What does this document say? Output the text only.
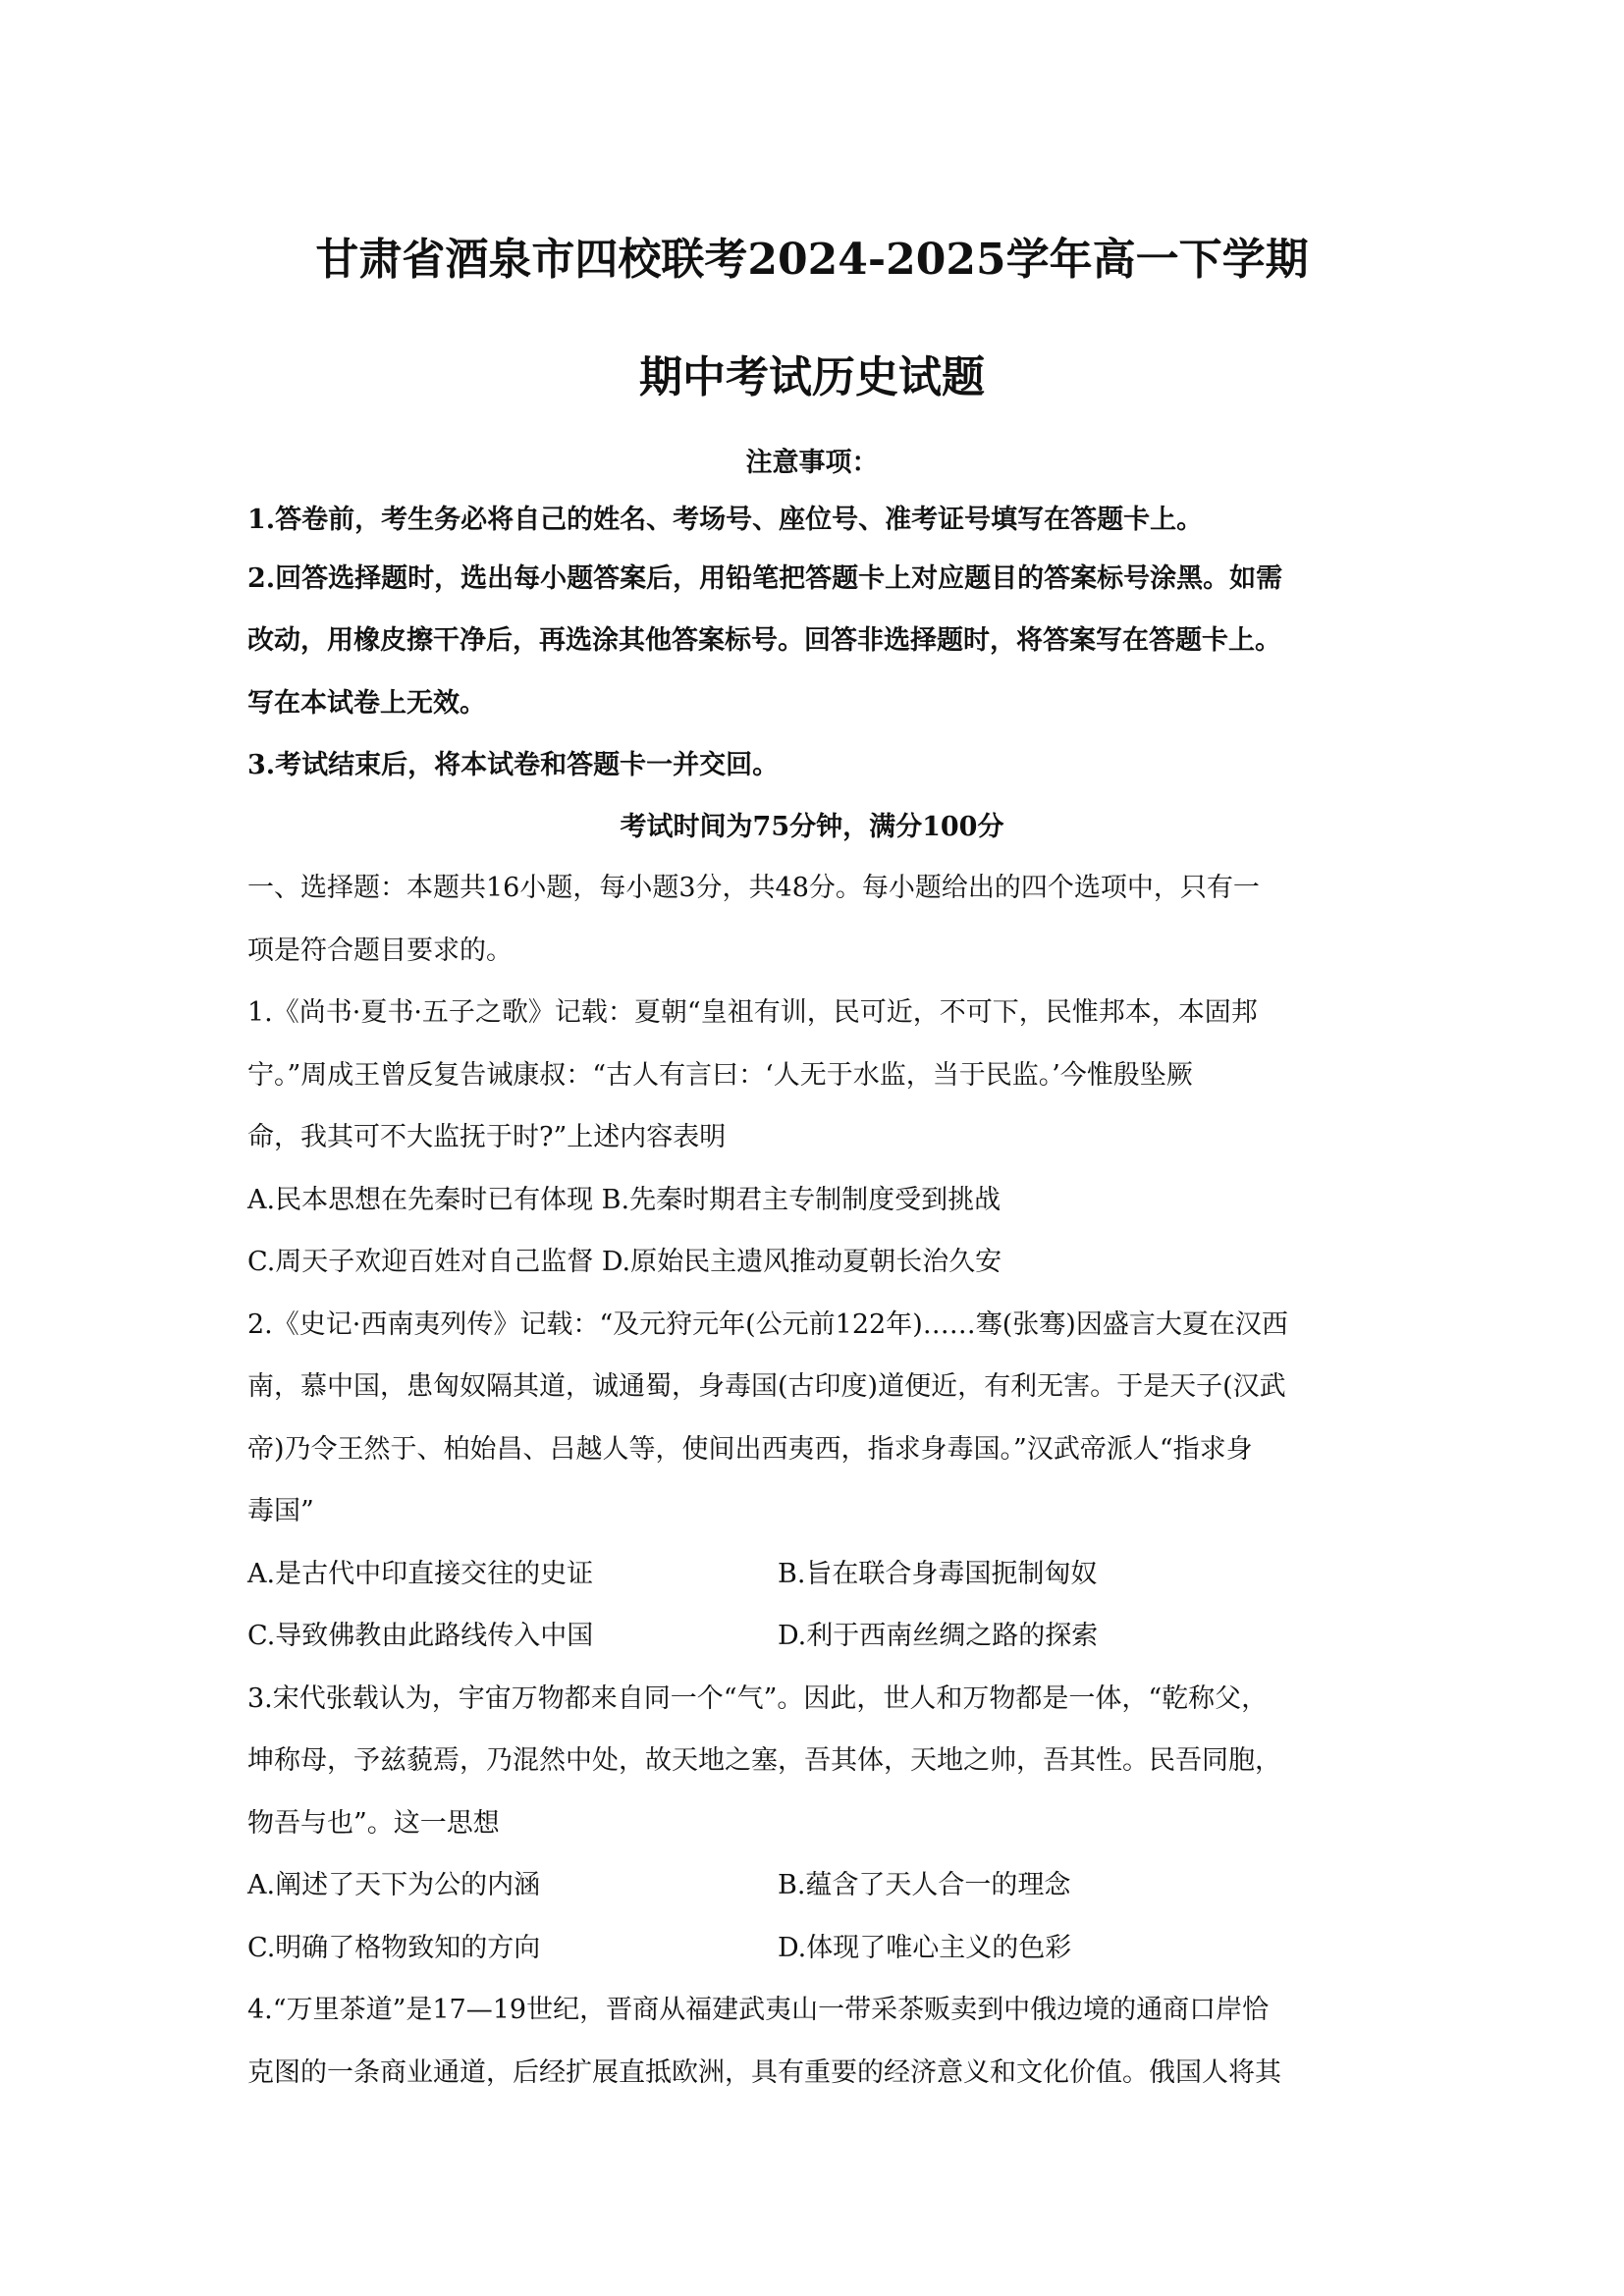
甘肃省酒泉市四校联考2024-2025学年高一下学期
期中考试历史试题
注意事项：
1.答卷前，考生务必将自己的姓名、考场号、座位号、准考证号填写在答题卡上。
2.回答选择题时，选出每小题答案后，用铅笔把答题卡上对应题目的答案标号涂黑。如需
改动，用橡皮擦干净后，再选涂其他答案标号。回答非选择题时，将答案写在答题卡上。
写在本试卷上无效。
3.考试结束后，将本试卷和答题卡一并交回。
考试时间为75分钟，满分100分
一、选择题：本题共16小题，每小题3分，共48分。每小题给出的四个选项中，只有一
项是符合题目要求的。
1.《尚书·夏书·五子之歌》记载：夏朝“皇祖有训，民可近，不可下，民惟邦本，本固邦
宁。”周成王曾反复告诫康叔：“古人有言曰：‘人无于水监，当于民监。’今惟殷坠厥
命，我其可不大监抚于时?”上述内容表明
A.民本思想在先秦时已有体现 B.先秦时期君主专制制度受到挑战
C.周天子欢迎百姓对自己监督 D.原始民主遗风推动夏朝长治久安
2.《史记·西南夷列传》记载：“及元狩元年(公元前122年)……骞(张骞)因盛言大夏在汉西
南，慕中国，患匈奴隔其道，诚通蜀，身毒国(古印度)道便近，有利无害。于是天子(汉武
帝)乃令王然于、柏始昌、吕越人等，使间出西夷西，指求身毒国。”汉武帝派人“指求身
毒国”
A.是古代中印直接交往的史证	B.旨在联合身毒国扼制匈奴
C.导致佛教由此路线传入中国	D.利于西南丝绸之路的探索
3.宋代张载认为，宇宙万物都来自同一个“气”。因此，世人和万物都是一体，“乾称父，
坤称母，予兹藐焉，乃混然中处，故天地之塞，吾其体，天地之帅，吾其性。民吾同胞，
物吾与也”。这一思想
A.阐述了天下为公的内涵	B.蕴含了天人合一的理念
C.明确了格物致知的方向	D.体现了唯心主义的色彩
4.“万里茶道”是17—19世纪，晋商从福建武夷山一带采茶贩卖到中俄边境的通商口岸恰
克图的一条商业通道，后经扩展直抵欧洲，具有重要的经济意义和文化价值。俄国人将其
